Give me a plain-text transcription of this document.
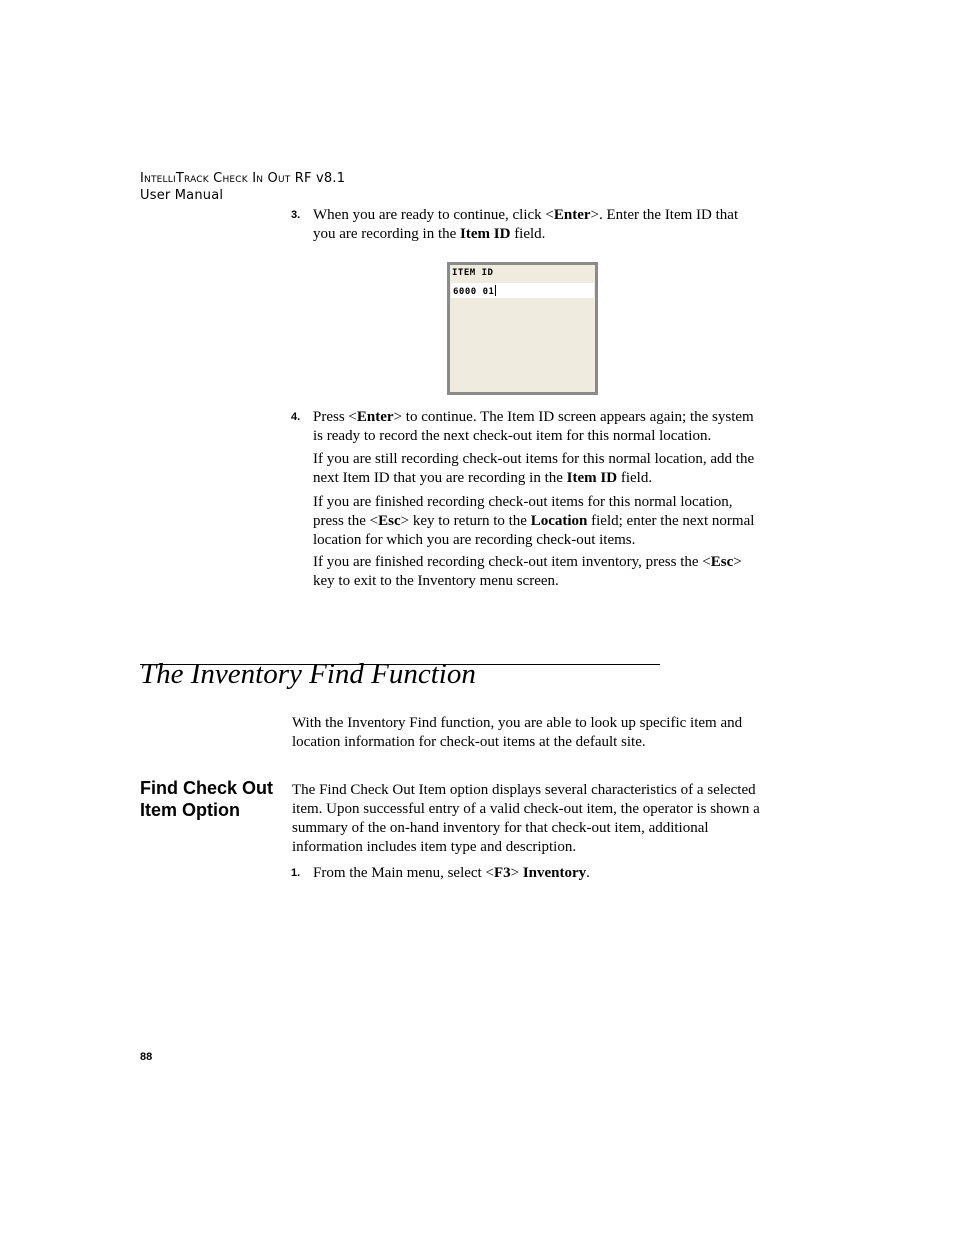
IntelliTrack Check In Out RF v8.1
User Manual
3. When you are ready to continue, click <Enter>. Enter the Item ID that you are recording in the Item ID field.
ITEM ID
6000 01
4. Press <Enter> to continue. The Item ID screen appears again; the system is ready to record the next check-out item for this normal location.
If you are still recording check-out items for this normal location, add the next Item ID that you are recording in the Item ID field.
If you are finished recording check-out items for this normal location, press the <Esc> key to return to the Location field; enter the next normal location for which you are recording check-out items.
If you are finished recording check-out item inventory, press the <Esc> key to exit to the Inventory menu screen.
The Inventory Find Function
With the Inventory Find function, you are able to look up specific item and location information for check-out items at the default site.
Find Check Out Item Option
The Find Check Out Item option displays several characteristics of a selected item. Upon successful entry of a valid check-out item, the operator is shown a summary of the on-hand inventory for that check-out item, additional information includes item type and description.
1. From the Main menu, select <F3> Inventory.
88
